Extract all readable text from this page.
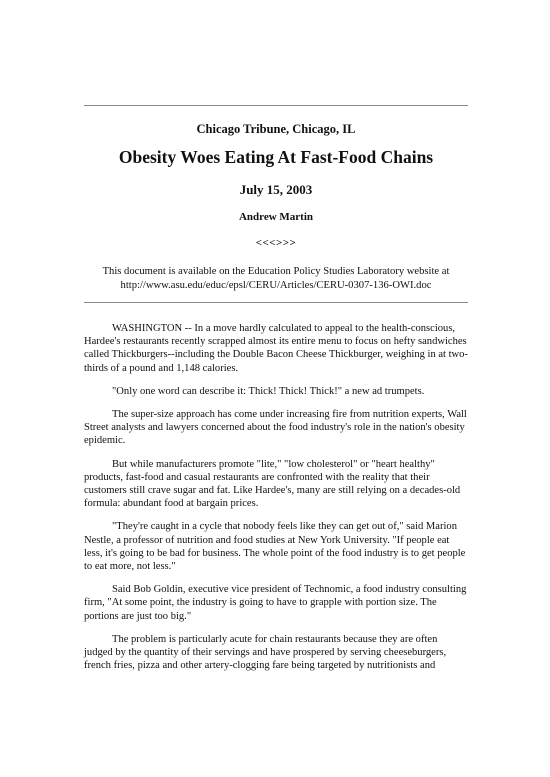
Chicago Tribune, Chicago, IL
Obesity Woes Eating At Fast-Food Chains
July 15, 2003
Andrew Martin
<<<>>>
This document is available on the Education Policy Studies Laboratory website at
http://www.asu.edu/educ/epsl/CERU/Articles/CERU-0307-136-OWI.doc

WASHINGTON -- In a move hardly calculated to appeal to the health-conscious, Hardee's restaurants recently scrapped almost its entire menu to focus on hefty sandwiches called Thickburgers--including the Double Bacon Cheese Thickburger, weighing in at two-thirds of a pound and 1,148 calories.

"Only one word can describe it: Thick! Thick! Thick!" a new ad trumpets.

The super-size approach has come under increasing fire from nutrition experts, Wall Street analysts and lawyers concerned about the food industry's role in the nation's obesity epidemic.

But while manufacturers promote "lite," "low cholesterol" or "heart healthy" products, fast-food and casual restaurants are confronted with the reality that their customers still crave sugar and fat. Like Hardee's, many are still relying on a decades-old formula: abundant food at bargain prices.

"They're caught in a cycle that nobody feels like they can get out of," said Marion Nestle, a professor of nutrition and food studies at New York University. "If people eat less, it's going to be bad for business. The whole point of the food industry is to get people to eat more, not less."

Said Bob Goldin, executive vice president of Technomic, a food industry consulting firm, "At some point, the industry is going to have to grapple with portion size. The portions are just too big."

The problem is particularly acute for chain restaurants because they are often judged by the quantity of their servings and have prospered by serving cheeseburgers, french fries, pizza and other artery-clogging fare being targeted by nutritionists and
